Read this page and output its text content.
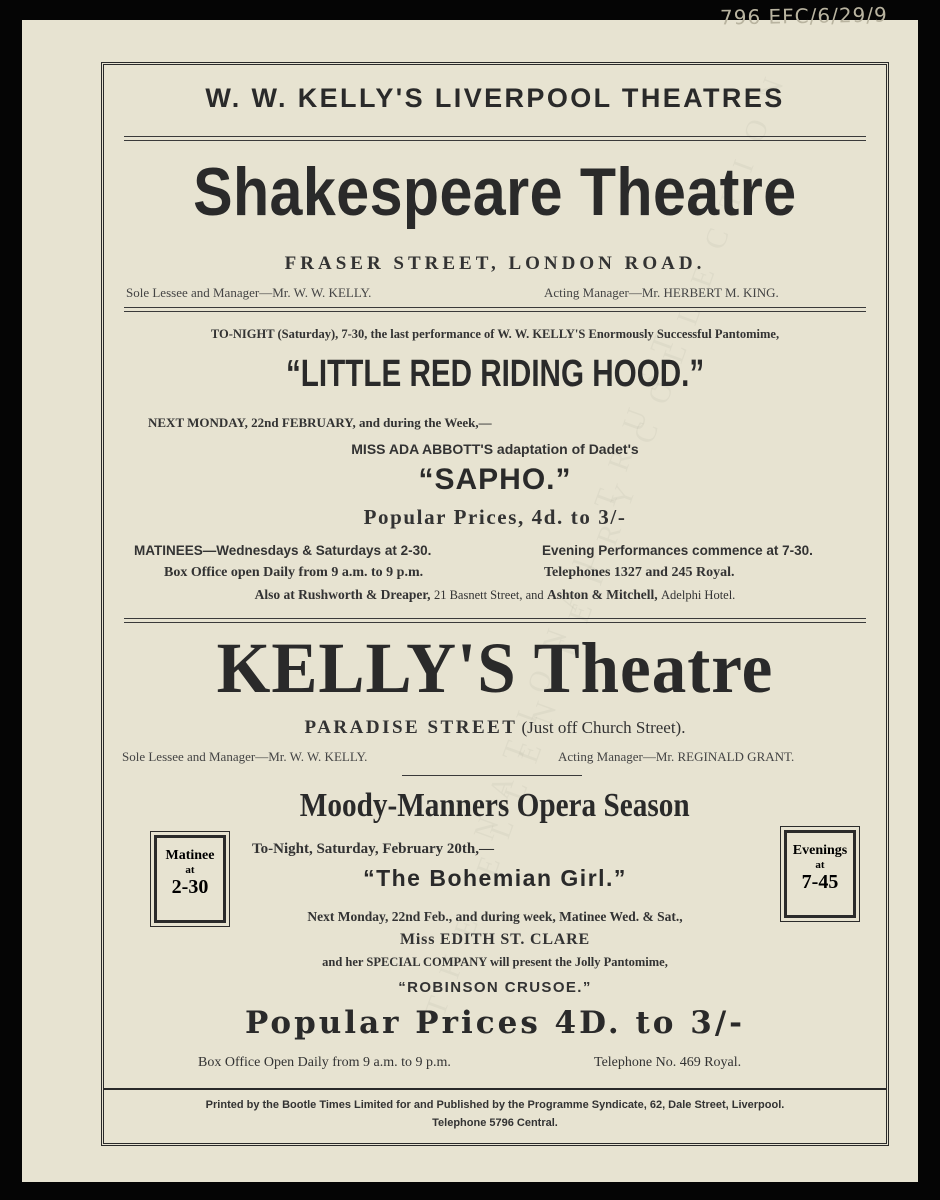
796 EFC/6/29/9
W. W. KELLY'S LIVERPOOL THEATRES
Shakespeare Theatre
FRASER STREET, LONDON ROAD.
Sole Lessee and Manager—Mr. W. W. KELLY.	Acting Manager—Mr. HERBERT M. KING.
TO-NIGHT (Saturday), 7-30, the last performance of W. W. KELLY'S Enormously Successful Pantomime,
“LITTLE RED RIDING HOOD.”
NEXT MONDAY, 22nd FEBRUARY, and during the Week,—
MISS ADA ABBOTT'S adaptation of Dadet's
“SAPHO.”
Popular Prices, 4d. to 3/-
MATINEES—Wednesdays & Saturdays at 2-30.	Evening Performances commence at 7-30.
Box Office open Daily from 9 a.m. to 9 p.m.	Telephones 1327 and 245 Royal.
Also at Rushworth & Dreaper, 21 Basnett Street, and Ashton & Mitchell, Adelphi Hotel.
KELLY'S Theatre
PARADISE STREET (Just off Church Street).
Sole Lessee and Manager—Mr. W. W. KELLY.	Acting Manager—Mr. REGINALD GRANT.
Moody-Manners Opera Season
Matinee
at
2-30
Evenings
at
7-45
To-Night, Saturday, February 20th,—
“The Bohemian Girl.”
Next Monday, 22nd Feb., and during week, Matinee Wed. & Sat.,
Miss EDITH ST. CLARE
and her SPECIAL COMPANY will present the Jolly Pantomime,
“ROBINSON CRUSOE.”
Popular Prices 4D. to 3/-
Box Office Open Daily from 9 a.m. to 9 p.m.	Telephone No. 469 Royal.
Printed by the Bootle Times Limited for and Published by the Programme Syndicate, 62, Dale Street, Liverpool.
Telephone 5796 Central.
